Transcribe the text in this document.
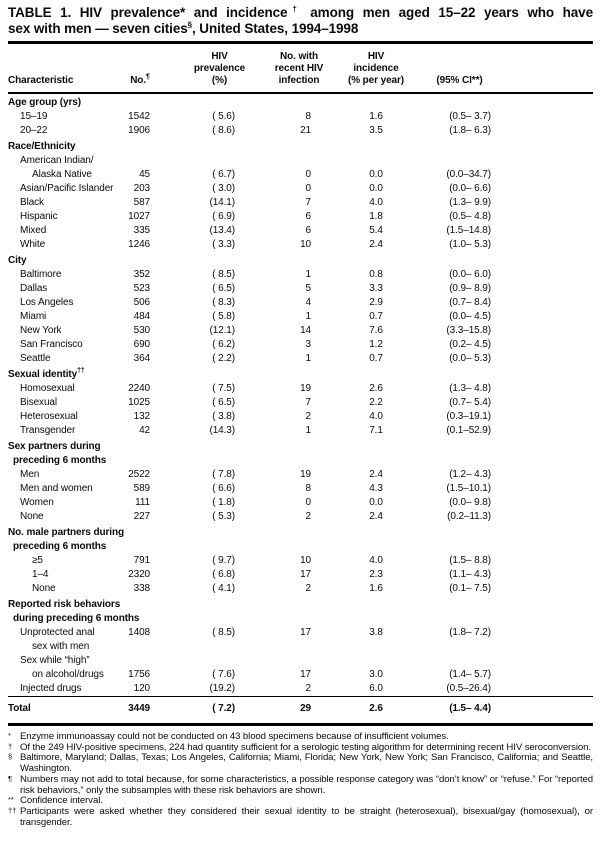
TABLE 1. HIV prevalence* and incidence† among men aged 15–22 years who have
sex with men — seven cities§, United States, 1994–1998
		HIV	No. with	HIV		
		prevalence	recent HIV	incidence		
Characteristic	No.¶	(%)	infection	(% per year)	(95% CI**)	
Age group (yrs)						
15–19	1542	( 5.6)	8	1.6	(0.5– 3.7)	
20–22	1906	( 8.6)	21	3.5	(1.8– 6.3)	
Race/Ethnicity						
American Indian/						
Alaska Native	45	( 6.7)	0	0.0	(0.0–34.7)	
Asian/Pacific Islander	203	( 3.0)	0	0.0	(0.0– 6.6)	
Black	587	(14.1)	7	4.0	(1.3– 9.9)	
Hispanic	1027	( 6.9)	6	1.8	(0.5– 4.8)	
Mixed	335	(13.4)	6	5.4	(1.5–14.8)	
White	1246	( 3.3)	10	2.4	(1.0– 5.3)	
City						
Baltimore	352	( 8.5)	1	0.8	(0.0– 6.0)	
Dallas	523	( 6.5)	5	3.3	(0.9– 8.9)	
Los Angeles	506	( 8.3)	4	2.9	(0.7– 8.4)	
Miami	484	( 5.8)	1	0.7	(0.0– 4.5)	
New York	530	(12.1)	14	7.6	(3.3–15.8)	
San Francisco	690	( 6.2)	3	1.2	(0.2– 4.5)	
Seattle	364	( 2.2)	1	0.7	(0.0– 5.3)	
Sexual identity††						
Homosexual	2240	( 7.5)	19	2.6	(1.3– 4.8)	
Bisexual	1025	( 6.5)	7	2.2	(0.7– 5.4)	
Heterosexual	132	( 3.8)	2	4.0	(0.3–19.1)	
Transgender	42	(14.3)	1	7.1	(0.1–52.9)	
Sex partners during						
preceding 6 months						
Men	2522	( 7.8)	19	2.4	(1.2– 4.3)	
Men and women	589	( 6.6)	8	4.3	(1.5–10.1)	
Women	111	( 1.8)	0	0.0	(0.0– 9.8)	
None	227	( 5.3)	2	2.4	(0.2–11.3)	
No. male partners during						
preceding 6 months						
≥5	791	( 9.7)	10	4.0	(1.5– 8.8)	
1–4	2320	( 6.8)	17	2.3	(1.1– 4.3)	
None	338	( 4.1)	2	1.6	(0.1– 7.5)	
Reported risk behaviors						
during preceding 6 months						
Unprotected anal	1408	( 8.5)	17	3.8	(1.8– 7.2)	
sex with men						
Sex while “high”						
on alcohol/drugs	1756	( 7.6)	17	3.0	(1.4– 5.7)	
Injected drugs	120	(19.2)	2	6.0	(0.5–26.4)	
Total	3449	( 7.2)	29	2.6	(1.5– 4.4)	
* Enzyme immunoassay could not be conducted on 43 blood specimens because of insufficient volumes.
† Of the 249 HIV-positive specimens, 224 had quantity sufficient for a serologic testing algorithm for determining recent HIV seroconversion.
§ Baltimore, Maryland; Dallas, Texas; Los Angeles, California; Miami, Florida; New York, New York; San Francisco, California; and Seattle, Washington.
¶ Numbers may not add to total because, for some characteristics, a possible response category was “don’t know” or “refuse.” For “reported risk behaviors,” only the subsamples with these risk behaviors are shown.
** Confidence interval.
†† Participants were asked whether they considered their sexual identity to be straight (heterosexual), bisexual/gay (homosexual), or transgender.
